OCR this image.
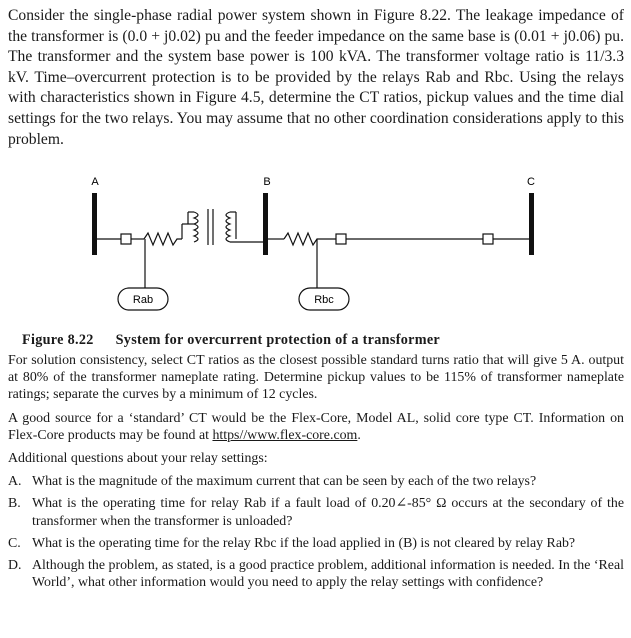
Consider the single-phase radial power system shown in Figure 8.22. The leakage impedance of the transformer is (0.0 + j0.02) pu and the feeder impedance on the same base is (0.01 + j0.06) pu. The transformer and the system base power is 100 kVA. The transformer voltage ratio is 11/3.3 kV. Time–overcurrent protection is to be provided by the relays Rab and Rbc. Using the relays with characteristics shown in Figure 4.5, determine the CT ratios, pickup values and the time dial settings for the two relays. You may assume that no other coordination considerations apply to this problem.
A	B	C
Rab	Rbc
Figure 8.22 System for overcurrent protection of a transformer

For solution consistency, select CT ratios as the closest possible standard turns ratio that will give 5 A. output at 80% of the transformer nameplate rating. Determine pickup values to be 115% of transformer nameplate ratings; separate the curves by a minimum of 12 cycles.

A good source for a ‘standard’ CT would be the Flex-Core, Model AL, solid core type CT. Information on Flex-Core products may be found at https//www.flex-core.com.

Additional questions about your relay settings:

A. What is the magnitude of the maximum current that can be seen by each of the two relays?
B. What is the operating time for relay Rab if a fault load of 0.20∠-85° Ω occurs at the secondary of the transformer when the transformer is unloaded?
C. What is the operating time for the relay Rbc if the load applied in (B) is not cleared by relay Rab?
D. Although the problem, as stated, is a good practice problem, additional information is needed. In the ‘Real World’, what other information would you need to apply the relay settings with confidence?
